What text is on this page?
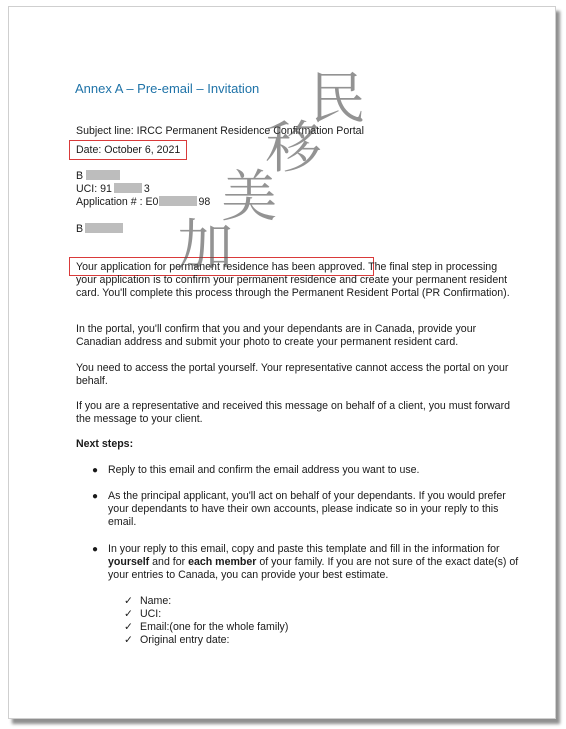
Annex A – Pre-email – Invitation
Subject line: IRCC Permanent Residence Confirmation Portal
Date: October 6, 2021
B
UCI: 91	3
Application # : E0	98
B
Your application for permanent residence has been approved. The final step in processing your application is to confirm your permanent residence and create your permanent resident card. You'll complete this process through the Permanent Resident Portal (PR Confirmation).
In the portal, you'll confirm that you and your dependants are in Canada, provide your Canadian address and submit your photo to create your permanent resident card.
You need to access the portal yourself. Your representative cannot access the portal on your behalf.
If you are a representative and received this message on behalf of a client, you must forward the message to your client.
Next steps:
● Reply to this email and confirm the email address you want to use.
● As the principal applicant, you'll act on behalf of your dependants. If you would prefer your dependants to have their own accounts, please indicate so in your reply to this email.
● In your reply to this email, copy and paste this template and fill in the information for yourself and for each member of your family. If you are not sure of the exact date(s) of your entries to Canada, you can provide your best estimate.
✓ Name:
✓ UCI:
✓ Email:(one for the whole family)
✓ Original entry date:
加美移民
